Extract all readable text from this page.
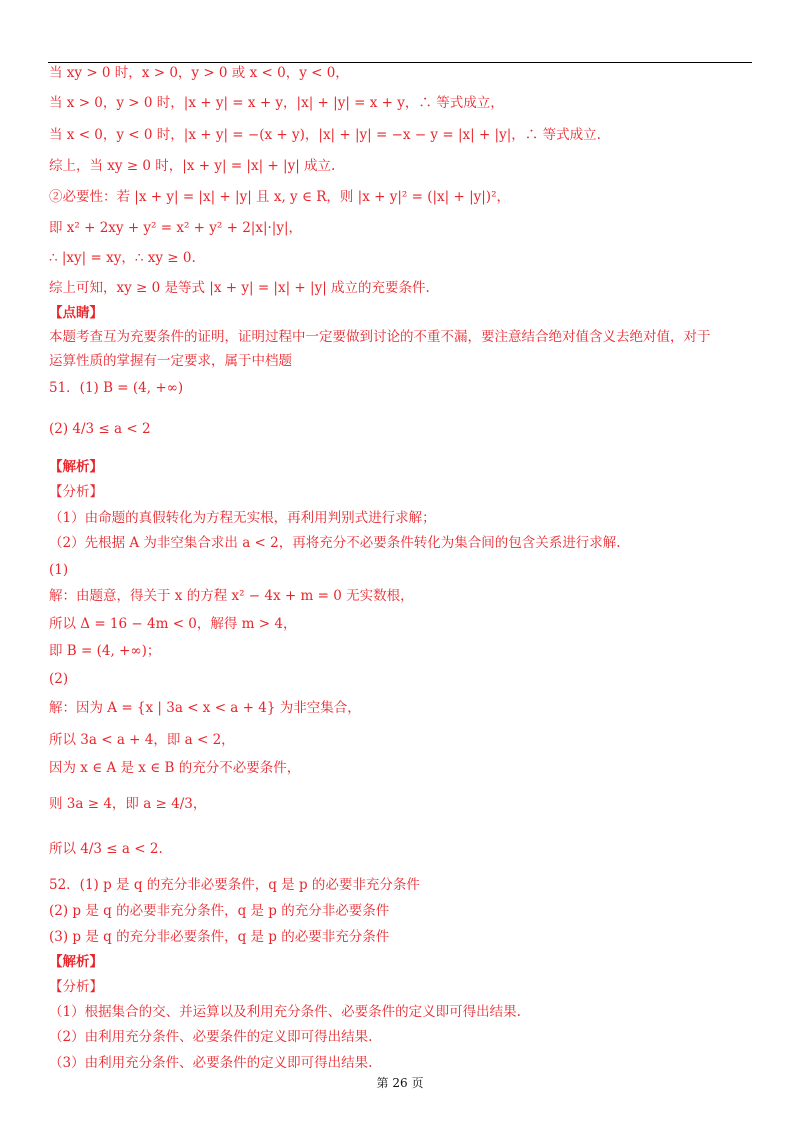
当 xy > 0 时，x > 0，y > 0 或 x < 0，y < 0，
当 x > 0，y > 0 时，|x + y| = x + y，|x| + |y| = x + y，∴ 等式成立，
当 x < 0，y < 0 时，|x + y| = −(x + y)，|x| + |y| = −x − y = |x| + |y|，∴ 等式成立.
综上，当 xy ≥ 0 时，|x + y| = |x| + |y| 成立.
②必要性：若 |x + y| = |x| + |y| 且 x, y ∈ R，则 |x + y|² = (|x| + |y|)²，
即 x² + 2xy + y² = x² + y² + 2|x|·|y|，
∴ |xy| = xy，∴ xy ≥ 0.
综上可知，xy ≥ 0 是等式 |x + y| = |x| + |y| 成立的充要条件.
【点睛】
本题考查互为充要条件的证明，证明过程中一定要做到讨论的不重不漏，要注意结合绝对值含义去绝对值，对于
运算性质的掌握有一定要求，属于中档题
51．(1) B = (4, +∞)
(2) 4/3 ≤ a < 2
【解析】
【分析】
（1）由命题的真假转化为方程无实根，再利用判别式进行求解；
（2）先根据 A 为非空集合求出 a < 2，再将充分不必要条件转化为集合间的包含关系进行求解.
(1)
解：由题意，得关于 x 的方程 x² − 4x + m = 0 无实数根，
所以 Δ = 16 − 4m < 0，解得 m > 4，
即 B = (4, +∞)；
(2)
解：因为 A = {x | 3a < x < a + 4} 为非空集合，
所以 3a < a + 4，即 a < 2，
因为 x ∈ A 是 x ∈ B 的充分不必要条件，
则 3a ≥ 4，即 a ≥ 4/3，
所以 4/3 ≤ a < 2.
52．(1) p 是 q 的充分非必要条件，q 是 p 的必要非充分条件
(2) p 是 q 的必要非充分条件，q 是 p 的充分非必要条件
(3) p 是 q 的充分非必要条件，q 是 p 的必要非充分条件
【解析】
【分析】
（1）根据集合的交、并运算以及利用充分条件、必要条件的定义即可得出结果.
（2）由利用充分条件、必要条件的定义即可得出结果.
（3）由利用充分条件、必要条件的定义即可得出结果.
第 26 页
